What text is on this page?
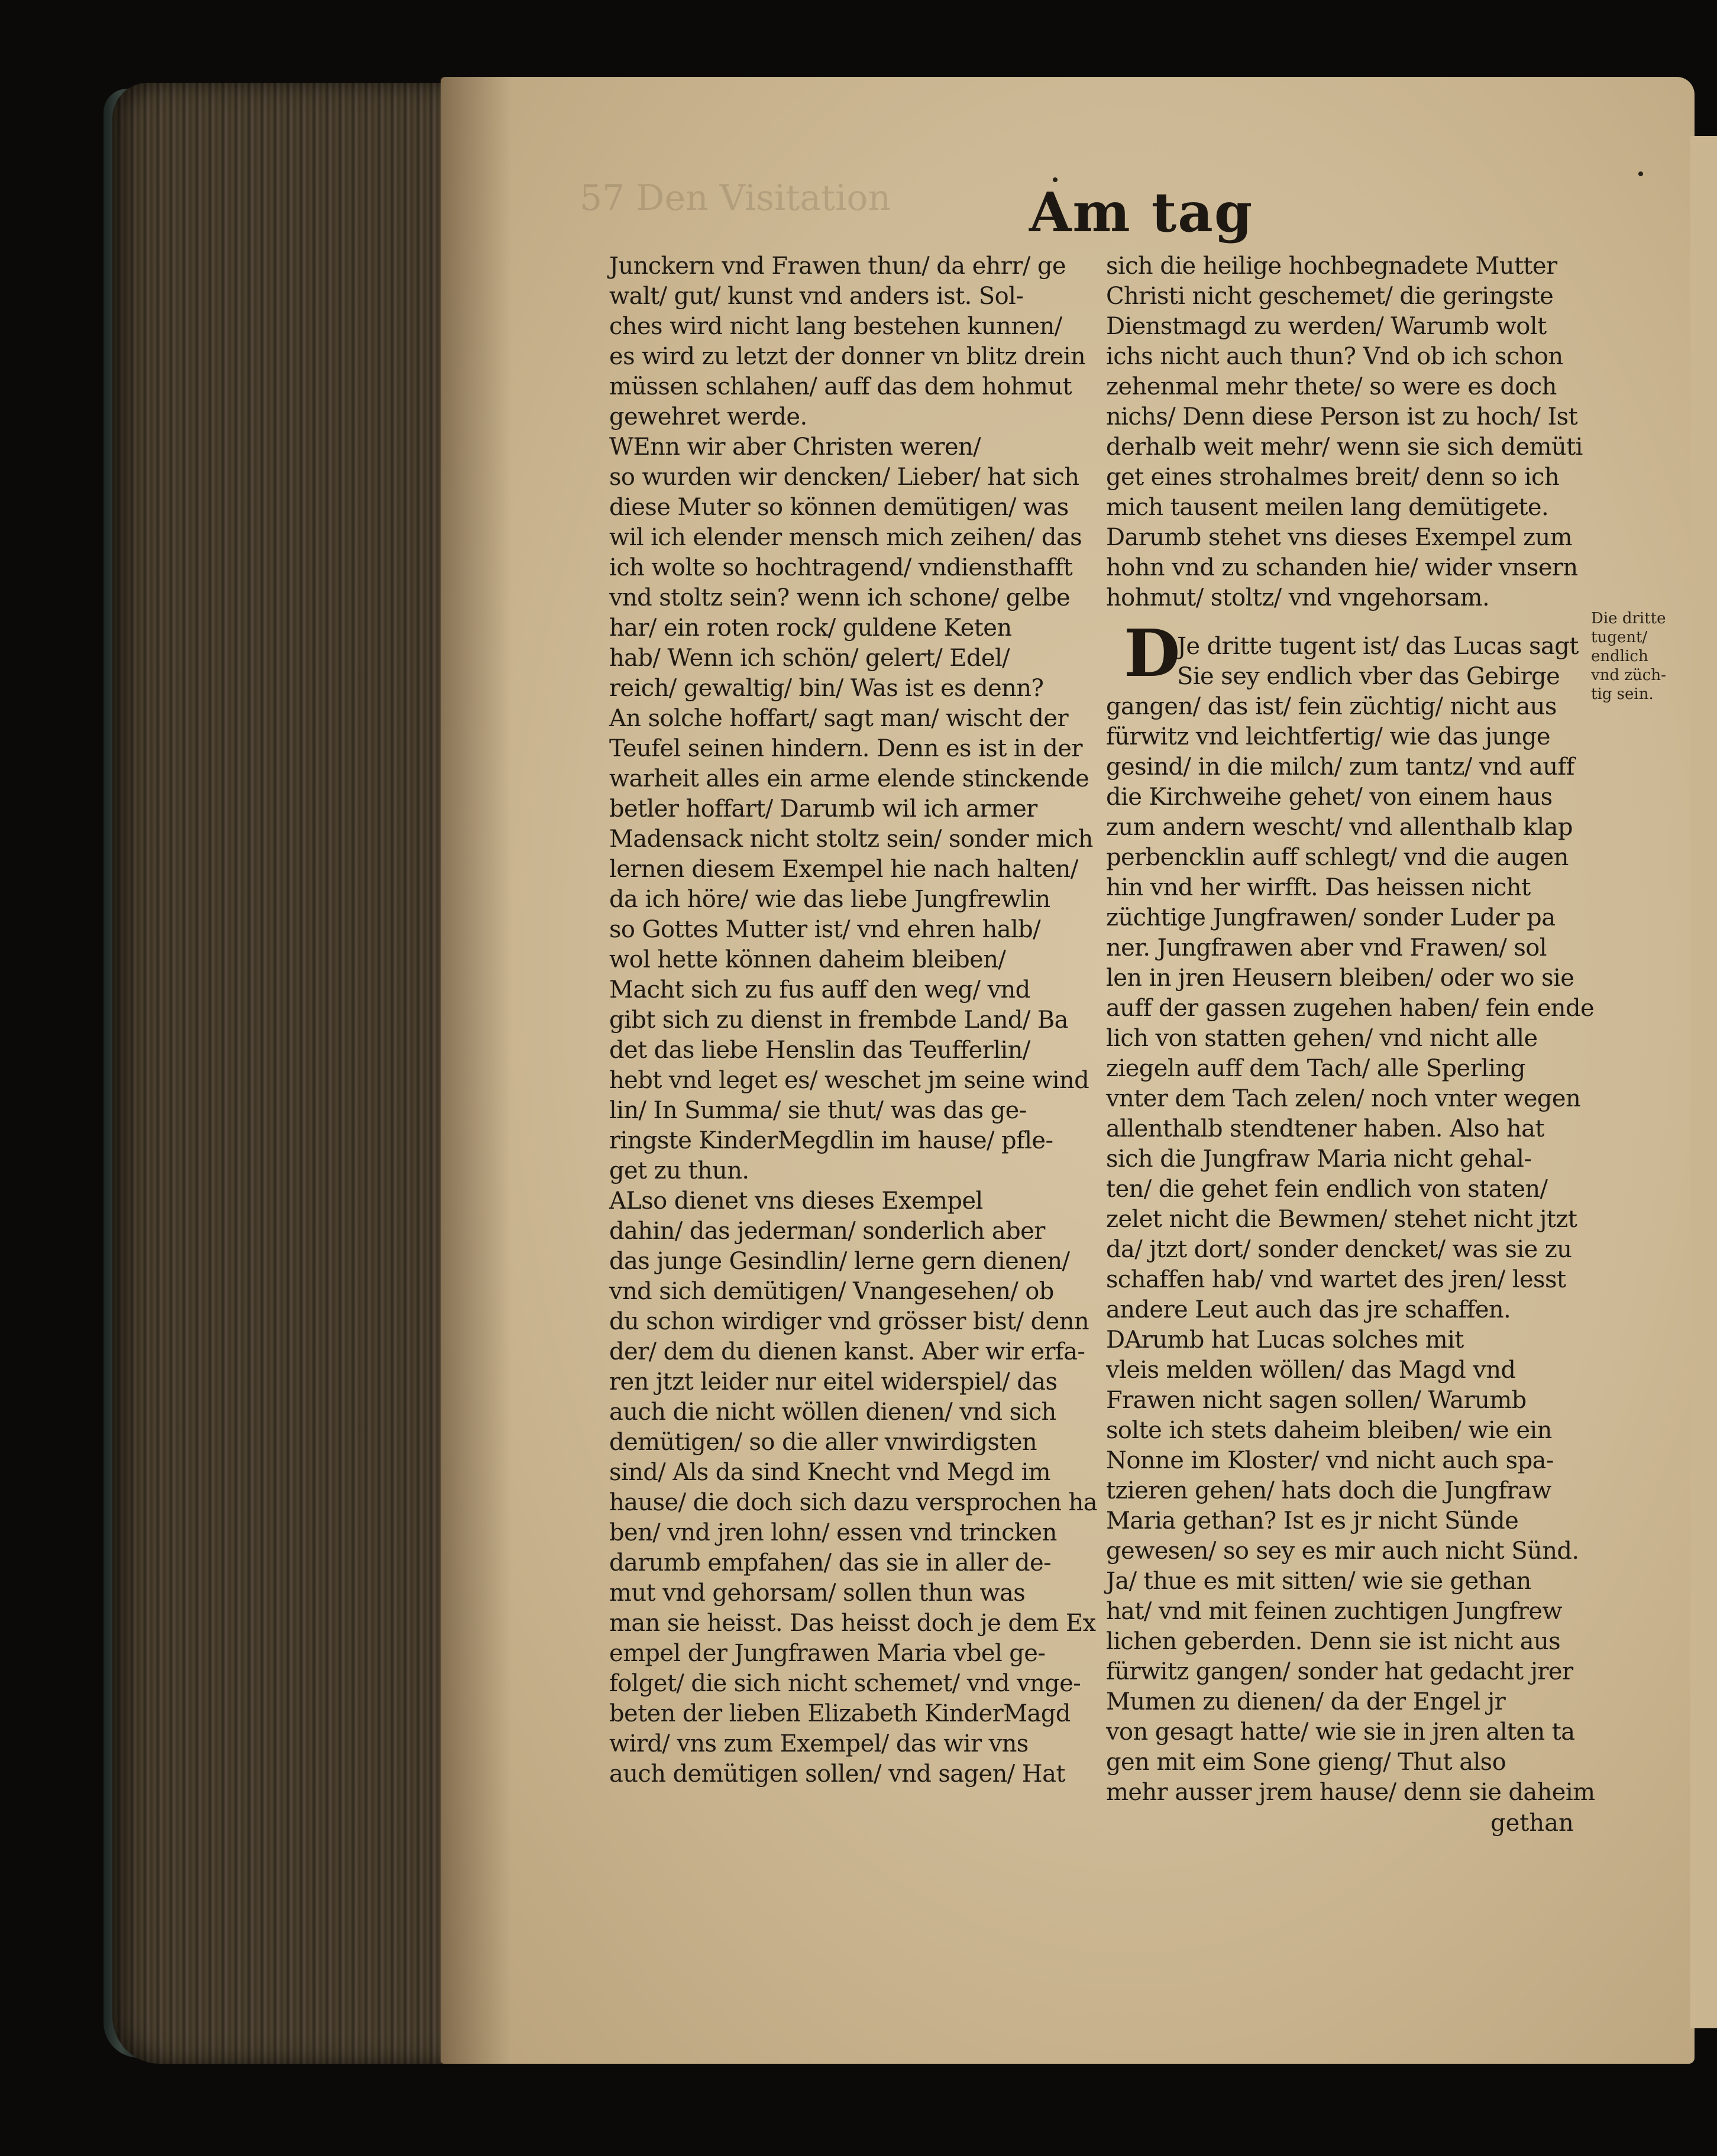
57 Den Visitation	Am tag
Junckern vnd Frawen thun/ da ehrr/ ge
walt/ gut/ kunst vnd anders ist. Sol-
ches wird nicht lang bestehen kunnen/
es wird zu letzt der donner vn blitz drein
müssen schlahen/ auff das dem hohmut
gewehret werde.
WEnn wir aber Christen weren/
so wurden wir dencken/ Lieber/ hat sich
diese Muter so können demütigen/ was
wil ich elender mensch mich zeihen/ das
ich wolte so hochtragend/ vndiensthafft
vnd stoltz sein? wenn ich schone/ gelbe
har/ ein roten rock/ guldene Keten
hab/ Wenn ich schön/ gelert/ Edel/
reich/ gewaltig/ bin/ Was ist es denn?
An solche hoffart/ sagt man/ wischt der
Teufel seinen hindern. Denn es ist in der
warheit alles ein arme elende stinckende
betler hoffart/ Darumb wil ich armer
Madensack nicht stoltz sein/ sonder mich
lernen diesem Exempel hie nach halten/
da ich höre/ wie das liebe Jungfrewlin
so Gottes Mutter ist/ vnd ehren halb/
wol hette können daheim bleiben/
Macht sich zu fus auff den weg/ vnd
gibt sich zu dienst in frembde Land/ Ba
det das liebe Henslin das Teufferlin/
hebt vnd leget es/ weschet jm seine wind
lin/ In Summa/ sie thut/ was das ge-
ringste KinderMegdlin im hause/ pfle-
get zu thun.
ALso dienet vns dieses Exempel
dahin/ das jederman/ sonderlich aber
das junge Gesindlin/ lerne gern dienen/
vnd sich demütigen/ Vnangesehen/ ob
du schon wirdiger vnd grösser bist/ denn
der/ dem du dienen kanst. Aber wir erfa-
ren jtzt leider nur eitel widerspiel/ das
auch die nicht wöllen dienen/ vnd sich
demütigen/ so die aller vnwirdigsten
sind/ Als da sind Knecht vnd Megd im
hause/ die doch sich dazu versprochen ha
ben/ vnd jren lohn/ essen vnd trincken
darumb empfahen/ das sie in aller de-
mut vnd gehorsam/ sollen thun was
man sie heisst. Das heisst doch je dem Ex
empel der Jungfrawen Maria vbel ge-
folget/ die sich nicht schemet/ vnd vnge-
beten der lieben Elizabeth KinderMagd
wird/ vns zum Exempel/ das wir vns
auch demütigen sollen/ vnd sagen/ Hat
sich die heilige hochbegnadete Mutter
Christi nicht geschemet/ die geringste
Dienstmagd zu werden/ Warumb wolt
ichs nicht auch thun? Vnd ob ich schon
zehenmal mehr thete/ so were es doch
nichs/ Denn diese Person ist zu hoch/ Ist
derhalb weit mehr/ wenn sie sich demüti
get eines strohalmes breit/ denn so ich
mich tausent meilen lang demütigete.
Darumb stehet vns dieses Exempel zum
hohn vnd zu schanden hie/ wider vnsern
hohmut/ stoltz/ vnd vngehorsam.
D
Je dritte tugent ist/ das Lucas sagt
Sie sey endlich vber das Gebirge
gangen/ das ist/ fein züchtig/ nicht aus
fürwitz vnd leichtfertig/ wie das junge
gesind/ in die milch/ zum tantz/ vnd auff
die Kirchweihe gehet/ von einem haus
zum andern wescht/ vnd allenthalb klap
perbencklin auff schlegt/ vnd die augen
hin vnd her wirfft. Das heissen nicht
züchtige Jungfrawen/ sonder Luder pa
ner. Jungfrawen aber vnd Frawen/ sol
len in jren Heusern bleiben/ oder wo sie
auff der gassen zugehen haben/ fein ende
lich von statten gehen/ vnd nicht alle
ziegeln auff dem Tach/ alle Sperling
vnter dem Tach zelen/ noch vnter wegen
allenthalb stendtener haben. Also hat
sich die Jungfraw Maria nicht gehal-
ten/ die gehet fein endlich von staten/
zelet nicht die Bewmen/ stehet nicht jtzt
da/ jtzt dort/ sonder dencket/ was sie zu
schaffen hab/ vnd wartet des jren/ lesst
andere Leut auch das jre schaffen.
DArumb hat Lucas solches mit
vleis melden wöllen/ das Magd vnd
Frawen nicht sagen sollen/ Warumb
solte ich stets daheim bleiben/ wie ein
Nonne im Kloster/ vnd nicht auch spa-
tzieren gehen/ hats doch die Jungfraw
Maria gethan? Ist es jr nicht Sünde
gewesen/ so sey es mir auch nicht Sünd.
Ja/ thue es mit sitten/ wie sie gethan
hat/ vnd mit feinen zuchtigen Jungfrew
lichen geberden. Denn sie ist nicht aus
fürwitz gangen/ sonder hat gedacht jrer
Mumen zu dienen/ da der Engel jr
von gesagt hatte/ wie sie in jren alten ta
gen mit eim Sone gieng/ Thut also
mehr ausser jrem hause/ denn sie daheim
Die dritte
tugent/
endlich
vnd züch-
tig sein.
gethan
